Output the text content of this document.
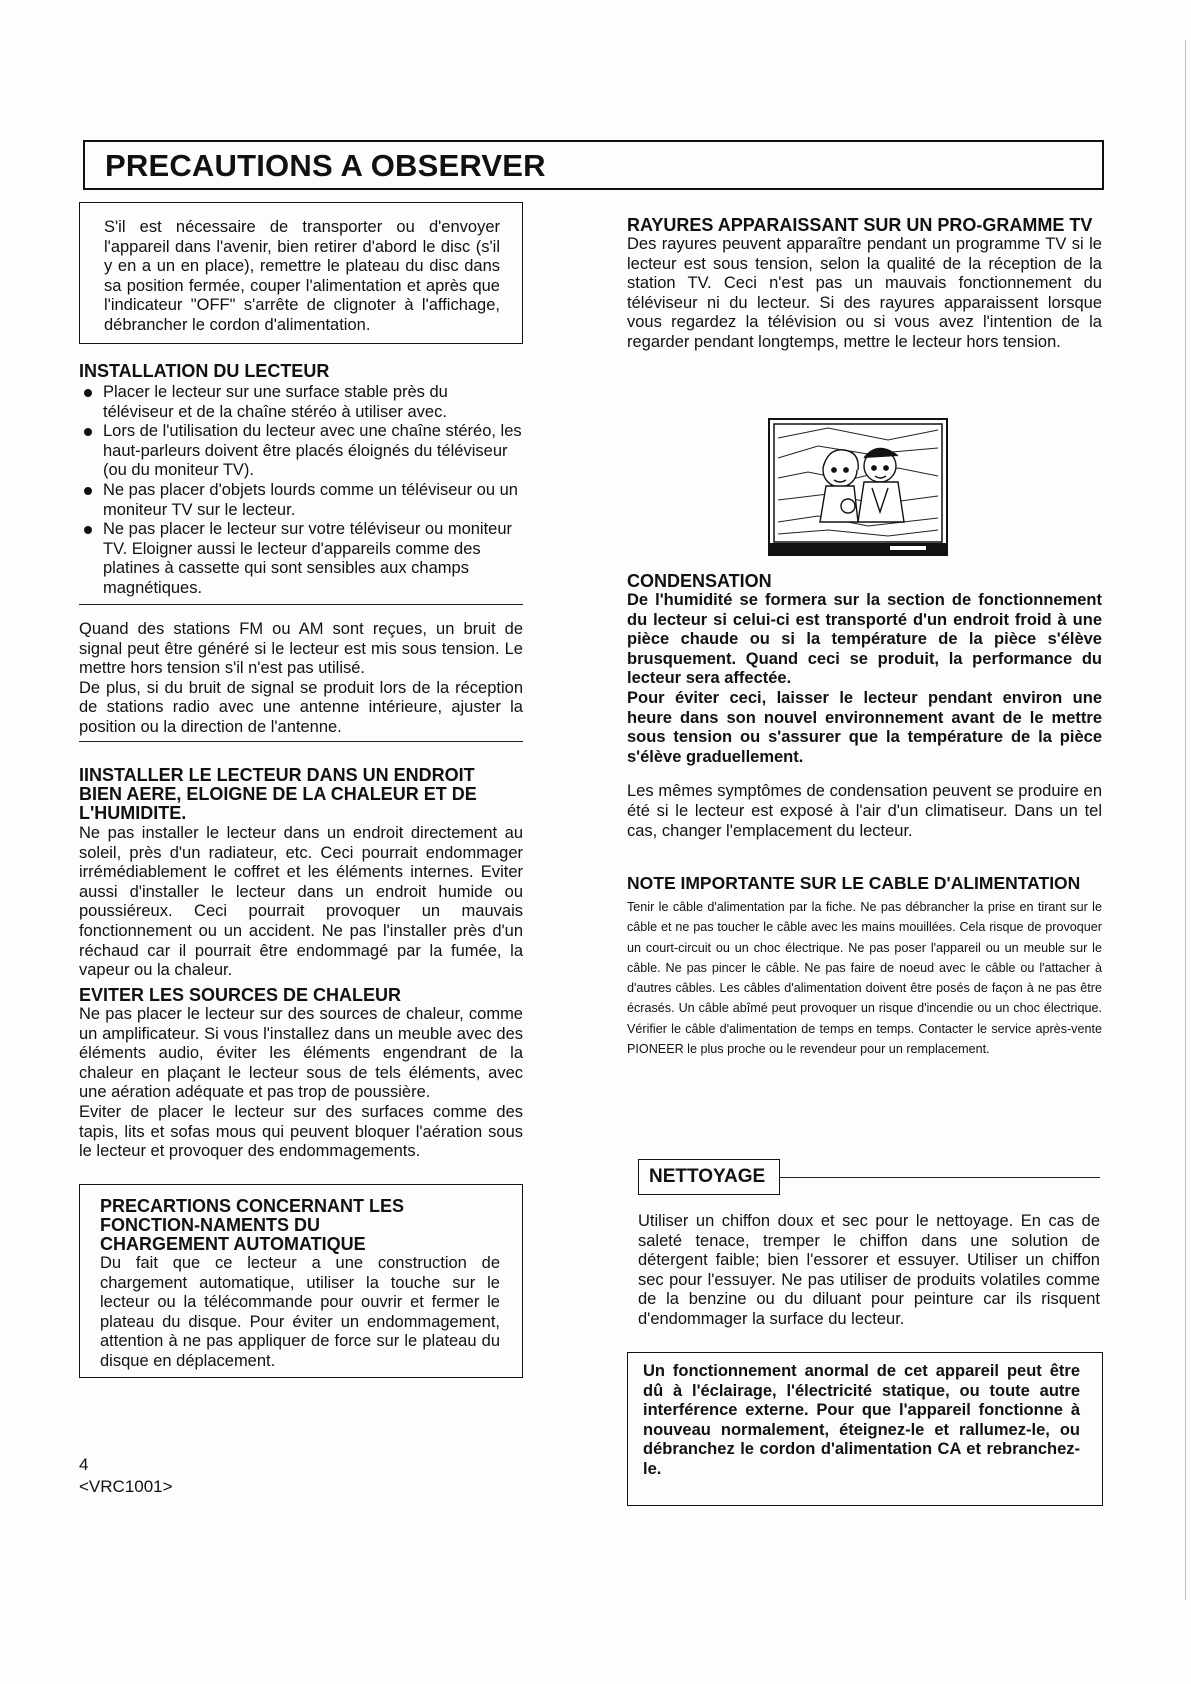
PRECAUTIONS A OBSERVER

S'il est nécessaire de transporter ou d'envoyer l'appareil dans l'avenir, bien retirer d'abord le disc (s'il y en a un en place), remettre le plateau du disc dans sa position fermée, couper l'alimentation et après que l'indicateur "OFF" s'arrête de clignoter à l'affichage, débrancher le cordon d'alimentation.

INSTALLATION DU LECTEUR
Placer le lecteur sur une surface stable près du téléviseur et de la chaîne stéréo à utiliser avec.
Lors de l'utilisation du lecteur avec une chaîne stéréo, les haut-parleurs doivent être placés éloignés du téléviseur (ou du moniteur TV).
Ne pas placer d'objets lourds comme un téléviseur ou un moniteur TV sur le lecteur.
Ne pas placer le lecteur sur votre téléviseur ou moniteur TV. Eloigner aussi le lecteur d'appareils comme des platines à cassette qui sont sensibles aux champs magnétiques.

Quand des stations FM ou AM sont reçues, un bruit de signal peut être généré si le lecteur est mis sous tension. Le mettre hors tension s'il n'est pas utilisé.

De plus, si du bruit de signal se produit lors de la réception de stations radio avec une antenne intérieure, ajuster la position ou la direction de l'antenne.

IINSTALLER LE LECTEUR DANS UN ENDROIT BIEN AERE, ELOIGNE DE LA CHALEUR ET DE L'HUMIDITE.

Ne pas installer le lecteur dans un endroit directement au soleil, près d'un radiateur, etc. Ceci pourrait endommager irrémédiablement le coffret et les éléments internes. Eviter aussi d'installer le lecteur dans un endroit humide ou poussiéreux. Ceci pourrait provoquer un mauvais fonctionnement ou un accident. Ne pas l'installer près d'un réchaud car il pourrait être endommagé par la fumée, la vapeur ou la chaleur.

EVITER LES SOURCES DE CHALEUR

Ne pas placer le lecteur sur des sources de chaleur, comme un amplificateur. Si vous l'installez dans un meuble avec des éléments audio, éviter les éléments engendrant de la chaleur en plaçant le lecteur sous de tels éléments, avec une aération adéquate et pas trop de poussière.

Eviter de placer le lecteur sur des surfaces comme des tapis, lits et sofas mous qui peuvent bloquer l'aération sous le lecteur et provoquer des endommagements.

PRECARTIONS CONCERNANT LES FONCTION-NAMENTS DU CHARGEMENT AUTOMATIQUE

Du fait que ce lecteur a une construction de chargement automatique, utiliser la touche sur le lecteur ou la télécommande pour ouvrir et fermer le plateau du disque. Pour éviter un endommagement, attention à ne pas appliquer de force sur le plateau du disque en déplacement.

4
<VRC1001>
RAYURES APPARAISSANT SUR UN PRO-GRAMME TV

Des rayures peuvent apparaître pendant un programme TV si le lecteur est sous tension, selon la qualité de la réception de la station TV. Ceci n'est pas un mauvais fonctionnement du téléviseur ni du lecteur. Si des rayures apparaissent lorsque vous regardez la télévision ou si vous avez l'intention de la regarder pendant longtemps, mettre le lecteur hors tension.

CONDENSATION

De l'humidité se formera sur la section de fonctionnement du lecteur si celui-ci est transporté d'un endroit froid à une pièce chaude ou si la température de la pièce s'élève brusquement. Quand ceci se produit, la performance du lecteur sera affectée.

Pour éviter ceci, laisser le lecteur pendant environ une heure dans son nouvel environnement avant de le mettre sous tension ou s'assurer que la température de la pièce s'élève graduellement.

Les mêmes symptômes de condensation peuvent se produire en été si le lecteur est exposé à l'air d'un climatiseur. Dans un tel cas, changer l'emplacement du lecteur.

NOTE IMPORTANTE SUR LE CABLE D'ALIMENTATION

Tenir le câble d'alimentation par la fiche. Ne pas débrancher la prise en tirant sur le câble et ne pas toucher le câble avec les mains mouillées. Cela risque de provoquer un court-circuit ou un choc électrique. Ne pas poser l'appareil ou un meuble sur le câble. Ne pas pincer le câble. Ne pas faire de noeud avec le câble ou l'attacher à d'autres câbles. Les câbles d'alimentation doivent être posés de façon à ne pas être écrasés. Un câble abîmé peut provoquer un risque d'incendie ou un choc électrique. Vérifier le câble d'alimentation de temps en temps. Contacter le service après-vente PIONEER le plus proche ou le revendeur pour un remplacement.

NETTOYAGE

Utiliser un chiffon doux et sec pour le nettoyage. En cas de saleté tenace, tremper le chiffon dans une solution de détergent faible; bien l'essorer et essuyer. Utiliser un chiffon sec pour l'essuyer. Ne pas utiliser de produits volatiles comme de la benzine ou du diluant pour peinture car ils risquent d'endommager la surface du lecteur.

Un fonctionnement anormal de cet appareil peut être dû à l'éclairage, l'électricité statique, ou toute autre interférence externe. Pour que l'appareil fonctionne à nouveau normalement, éteignez-le et rallumez-le, ou débranchez le cordon d'alimentation CA et rebranchez-le.
